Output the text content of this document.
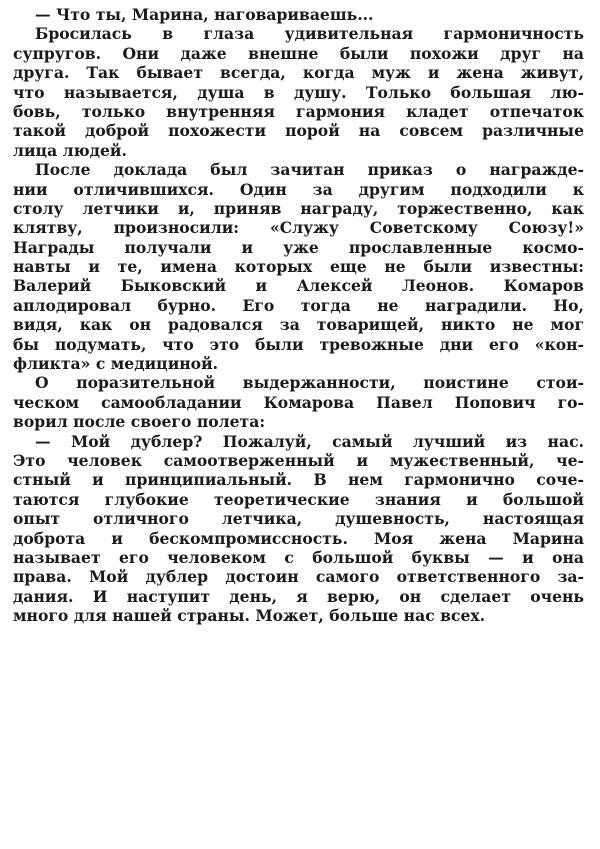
— Что ты, Марина, наговариваешь...
Бросилась в глаза удивительная гармоничность
супругов. Они даже внешне были похожи друг на
друга. Так бывает всегда, когда муж и жена живут,
что называется, душа в душу. Только большая лю-
бовь, только внутренняя гармония кладет отпечаток
такой доброй похожести порой на совсем различные
лица людей.
После доклада был зачитан приказ о награжде-
нии отличившихся. Один за другим подходили к
столу летчики и, приняв награду, торжественно, как
клятву, произносили: «Служу Советскому Союзу!»
Награды получали и уже прославленные космо-
навты и те, имена которых еще не были известны:
Валерий Быковский и Алексей Леонов. Комаров
аплодировал бурно. Его тогда не наградили. Но,
видя, как он радовался за товарищей, никто не мог
бы подумать, что это были тревожные дни его «кон-
фликта» с медициной.
О поразительной выдержанности, поистине стои-
ческом самообладании Комарова Павел Попович го-
ворил после своего полета:
— Мой дублер? Пожалуй, самый лучший из нас.
Это человек самоотверженный и мужественный, че-
стный и принципиальный. В нем гармонично соче-
таются глубокие теоретические знания и большой
опыт отличного летчика, душевность, настоящая
доброта и бескомпромиссность. Моя жена Марина
называет его человеком с большой буквы — и она
права. Мой дублер достоин самого ответственного за-
дания. И наступит день, я верю, он сделает очень
много для нашей страны. Может, больше нас всех.
